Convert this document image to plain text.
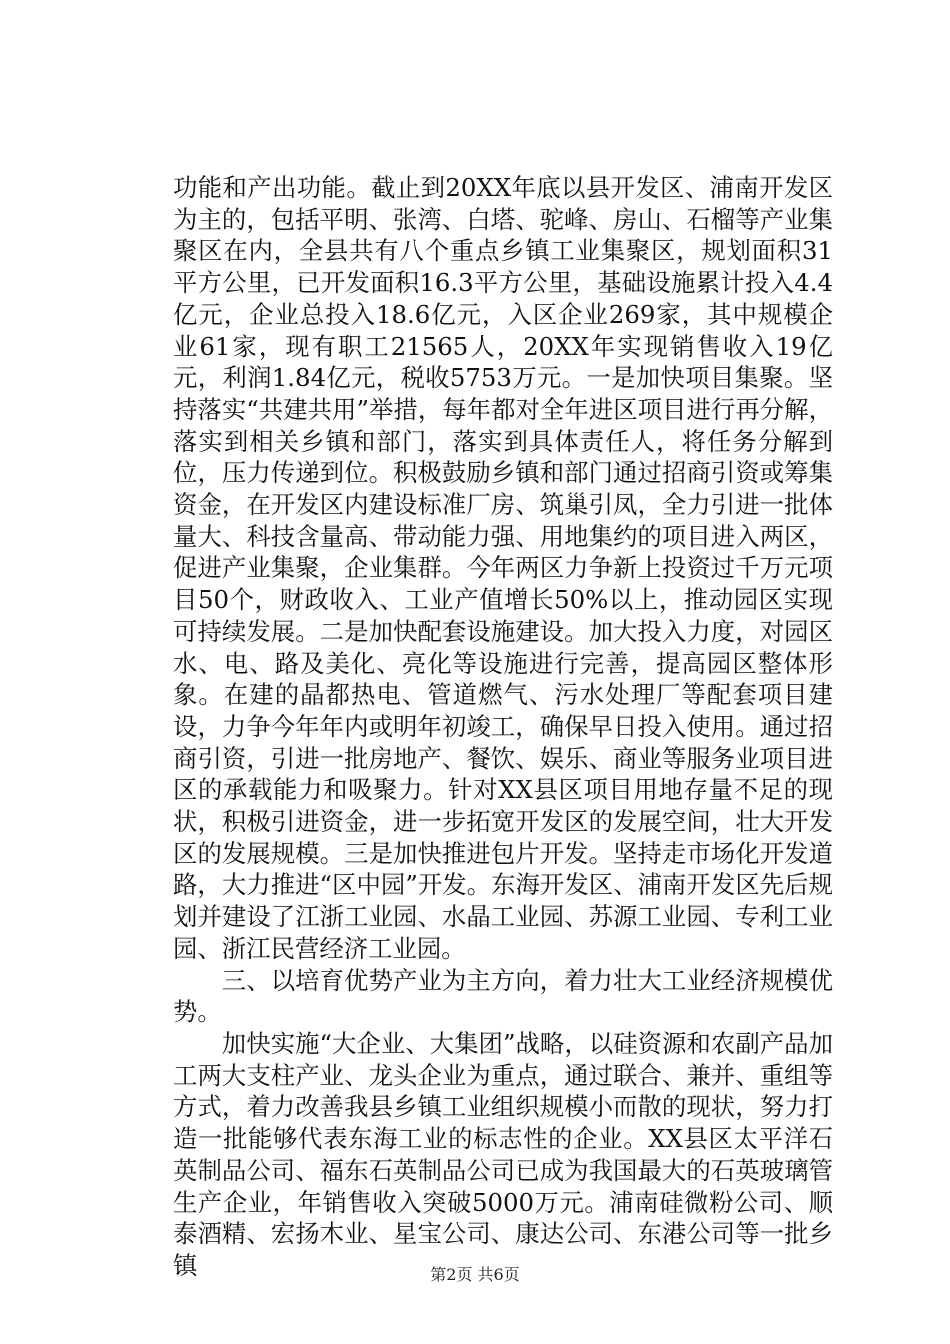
功能和产出功能。截止到20XX年底以县开发区、浦南开发区为主的，包括平明、张湾、白塔、驼峰、房山、石榴等产业集聚区在内，全县共有八个重点乡镇工业集聚区，规划面积31平方公里，已开发面积16.3平方公里，基础设施累计投入4.4亿元，企业总投入18.6亿元，入区企业269家，其中规模企业61家，现有职工21565人，20XX年实现销售收入19亿元，利润1.84亿元，税收5753万元。一是加快项目集聚。坚持落实“共建共用”举措，每年都对全年进区项目进行再分解，落实到相关乡镇和部门，落实到具体责任人，将任务分解到位，压力传递到位。积极鼓励乡镇和部门通过招商引资或筹集资金，在开发区内建设标准厂房、筑巢引凤，全力引进一批体量大、科技含量高、带动能力强、用地集约的项目进入两区，促进产业集聚，企业集群。今年两区力争新上投资过千万元项目50个，财政收入、工业产值增长50%以上，推动园区实现可持续发展。二是加快配套设施建设。加大投入力度，对园区水、电、路及美化、亮化等设施进行完善，提高园区整体形象。在建的晶都热电、管道燃气、污水处理厂等配套项目建设，力争今年年内或明年初竣工，确保早日投入使用。通过招商引资，引进一批房地产、餐饮、娱乐、商业等服务业项目进区的承载能力和吸聚力。针对XX县区项目用地存量不足的现状，积极引进资金，进一步拓宽开发区的发展空间，壮大开发区的发展规模。三是加快推进包片开发。坚持走市场化开发道路，大力推进“区中园”开发。东海开发区、浦南开发区先后规划并建设了江浙工业园、水晶工业园、苏源工业园、专利工业园、浙江民营经济工业园。

三、以培育优势产业为主方向，着力壮大工业经济规模优势。

加快实施“大企业、大集团”战略，以硅资源和农副产品加工两大支柱产业、龙头企业为重点，通过联合、兼并、重组等方式，着力改善我县乡镇工业组织规模小而散的现状，努力打造一批能够代表东海工业的标志性的企业。XX县区太平洋石英制品公司、福东石英制品公司已成为我国最大的石英玻璃管生产企业，年销售收入突破5000万元。浦南硅微粉公司、顺泰酒精、宏扬木业、星宝公司、康达公司、东港公司等一批乡镇	第2页 共6页
